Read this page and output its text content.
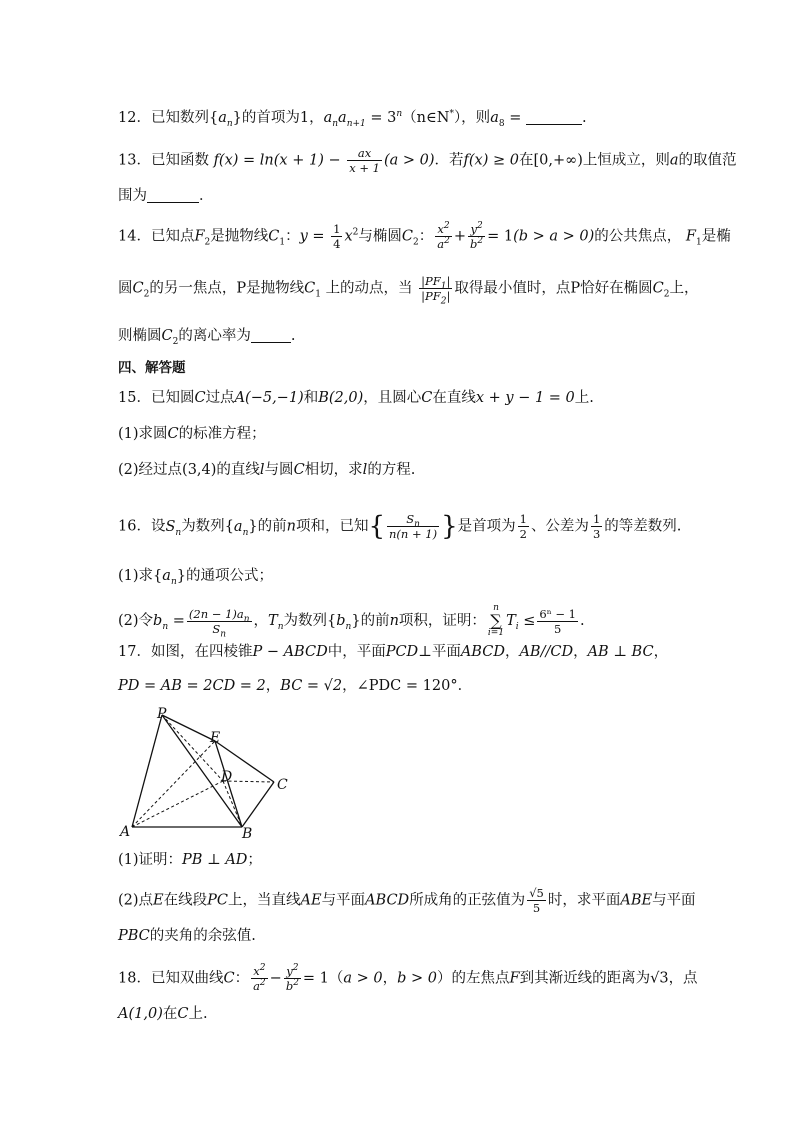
12．已知数列$\{a_n\}$的首项为1，$a_na_{n+1}$ = $3^n(n\in N^*)$，则$a_8$ =	.
13．已知函数 $f(x) = \ln(x + 1) - \frac{ax}{x + 1} (a > 0)$．若f(x) ≥ 0在[0,+∞)上恒成立，则a的取值范
围为	．
14．已知点$F_2$是抛物线$C_1$：$y = \frac{1}{4} x^2$与椭圆$C_2$： $\frac{x^2}{a^2} + \frac{y^2}{b^2} = 1(b > a > 0)$的公共焦点， $F_1$是椭
圆$C_2$的另一焦点，P是抛物线$C_1$ 上的动点，当 $\frac{|PF_1|}{|PF_2|}$ 取得最小值时，点P恰好在椭圆$C_2$上，
则椭圆$C_2$的离心率为	.
四、解答题
15．已知圆C过点A(−5,−1)和B(2,0)，且圆心C在直线x + y − 1 = 0上.
(1)求圆C的标准方程；
(2)经过点(3,4)的直线l与圆C相切，求l的方程.
16．设$S_n$为数列$\{a_n\}$的前n项和，已知{ $\frac{S_n}{n(n + 1)}$ }是首项为 $\frac{1}{2}$ 、公差为 $\frac{1}{3}$ 的等差数列.
(1)求$\{a_n\}$的通项公式；
(2)令$b_n = \frac{(2n - 1)a_n}{S_n}$ ，$T_n$为数列$\{b_n\}$的前n项积，证明：n
∑
$i=1T_i \le \frac{\text{6ⁿ − 1}}{5}$ .
17．如图，在四棱锥P − ABCD中，平面PCD⊥平面ABCD，AB//CD，AB ⊥ BC，
PD = AB = 2CD = 2，BC = √2，∠PDC = 120°．
P
E
D	C
A	B
(1)证明：PB ⊥ AD；
(2)点E在线段PC上，当直线AE与平面ABCD所成角的正弦值为 $\frac{√5}{5}$ 时，求平面ABE与平面
PBC的夹角的余弦值.
18．已知双曲线C： $\frac{x^2}{a^2} - \frac{y^2}{b^2} = 1(a > 0$，b > 0）的左焦点F到其渐近线的距离为√3，点
A(1,0)在C上.
